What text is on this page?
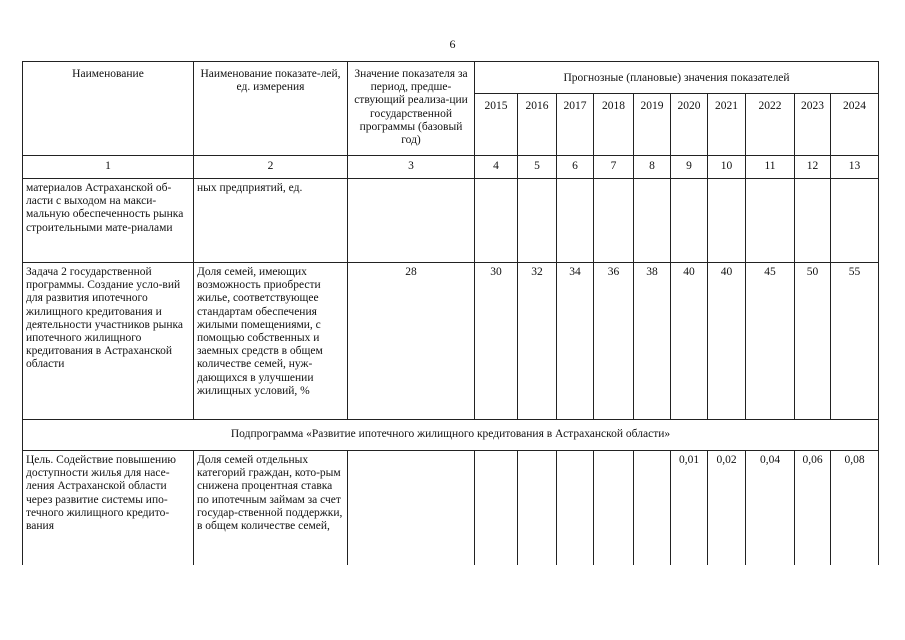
6
Наименование	Наименование показате-лей, ед. измерения	Значение показателя за период, предше-ствующий реализа-ции государственной программы (базовый год)	Прогнозные (плановые) значения показателей									
			2015	2016	2017	2018	2019	2020	2021	2022	2023	2024
1	2	3	4	5	6	7	8	9	10	11	12	13
материалов Астраханской об-ласти с выходом на макси-мальную обеспеченность рынка строительными мате-риалами	ных предприятий, ед.											
Задача 2 государственной программы. Создание усло-вий для развития ипотечного жилищного кредитования и деятельности участников рынка ипотечного жилищного кредитования в Астраханской области	Доля семей, имеющих возможность приобрести жилье, соответствующее стандартам обеспечения жилыми помещениями, с помощью собственных и заемных средств в общем количестве семей, нуж-дающихся в улучшении жилищных условий, %	28	30	32	34	36	38	40	40	45	50	55
Подпрограмма «Развитие ипотечного жилищного кредитования в Астраханской области»												
Цель. Содействие повышению доступности жилья для насе-ления Астраханской области через развитие системы ипо-течного жилищного кредито-вания	Доля семей отдельных категорий граждан, кото-рым снижена процентная ставка по ипотечным займам за счет государ-ственной поддержки, в общем количестве семей,							0,01	0,02	0,04	0,06	0,08
